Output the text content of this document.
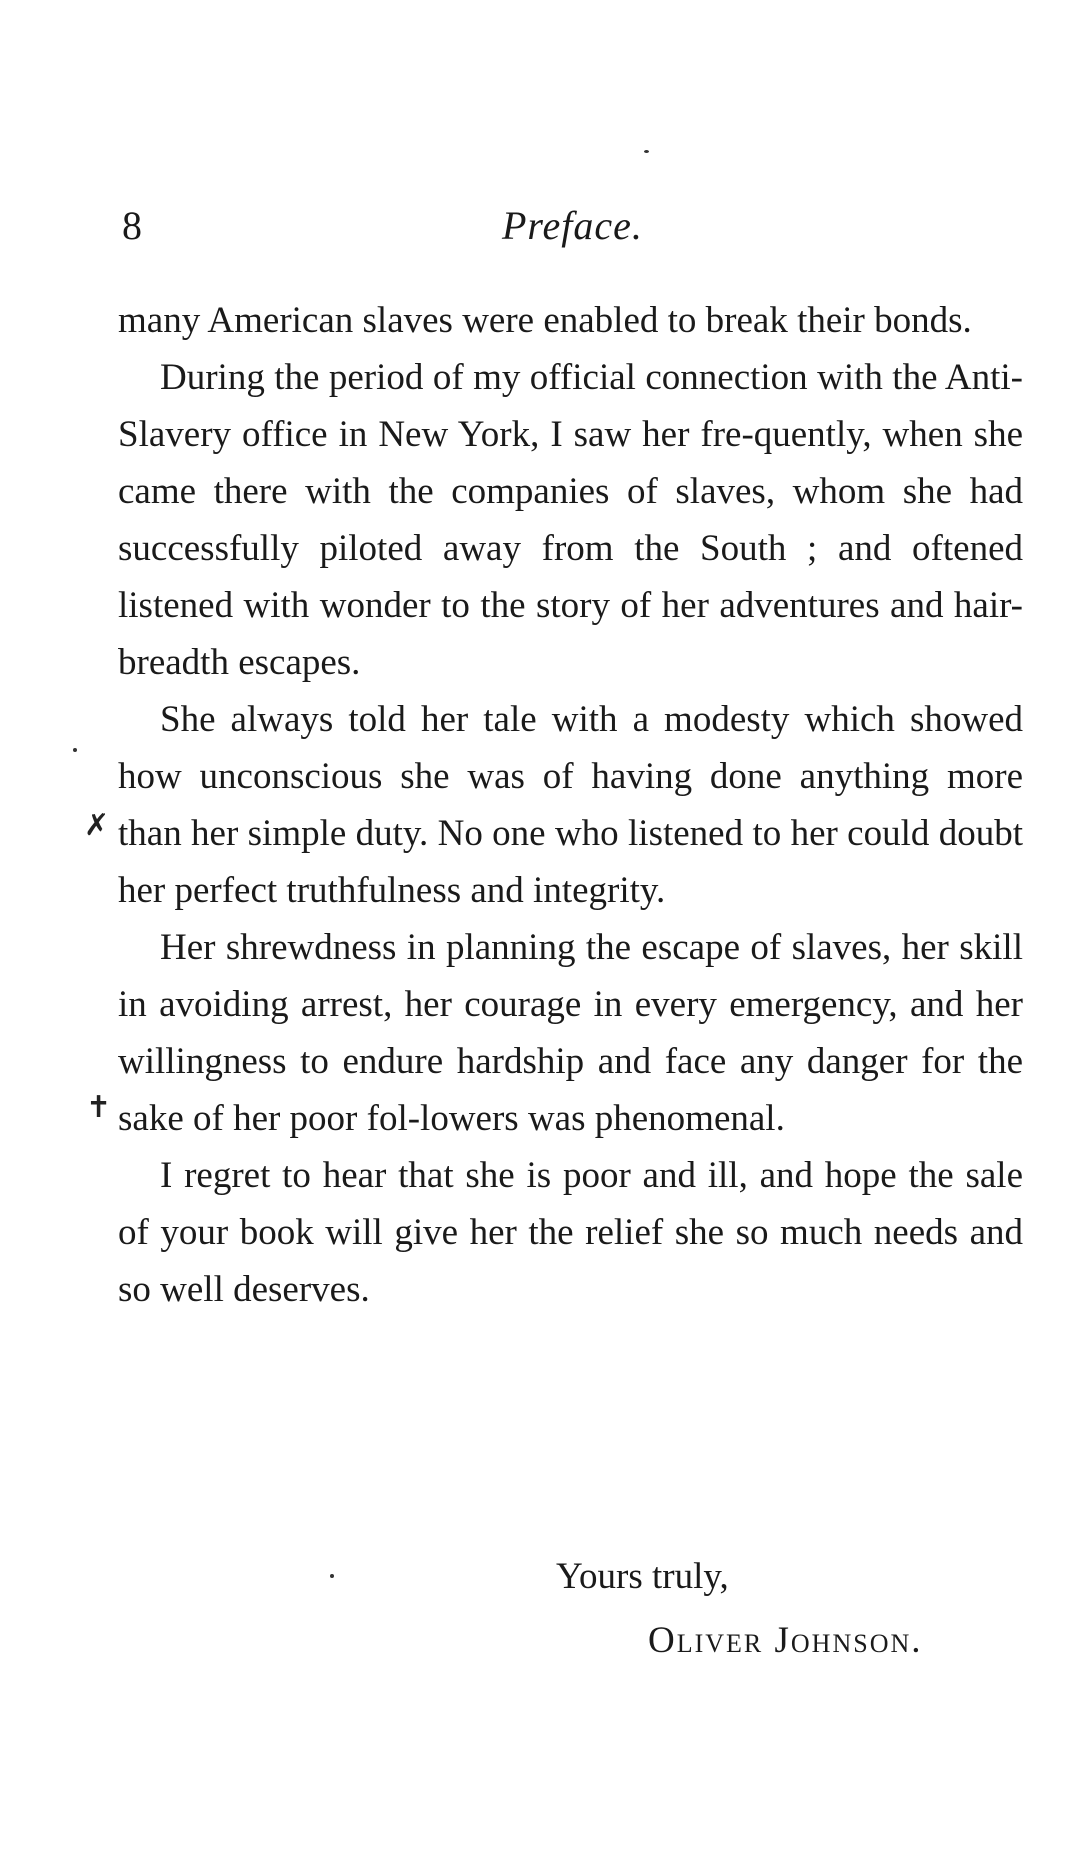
8	Preface.

many American slaves were enabled to break their bonds.

During the period of my official connection with the Anti-Slavery office in New York, I saw her fre-quently, when she came there with the companies of slaves, whom she had successfully piloted away from the South ; and oftened listened with wonder to the story of her adventures and hair-breadth escapes.

She always told her tale with a modesty which showed how unconscious she was of having done anything more than her simple duty. No one who listened to her could doubt her perfect truthfulness and integrity.

Her shrewdness in planning the escape of slaves, her skill in avoiding arrest, her courage in every emergency, and her willingness to endure hardship and face any danger for the sake of her poor fol-lowers was phenomenal.

I regret to hear that she is poor and ill, and hope the sale of your book will give her the relief she so much needs and so well deserves.

Yours truly,
Oliver Johnson.
✗
✝
